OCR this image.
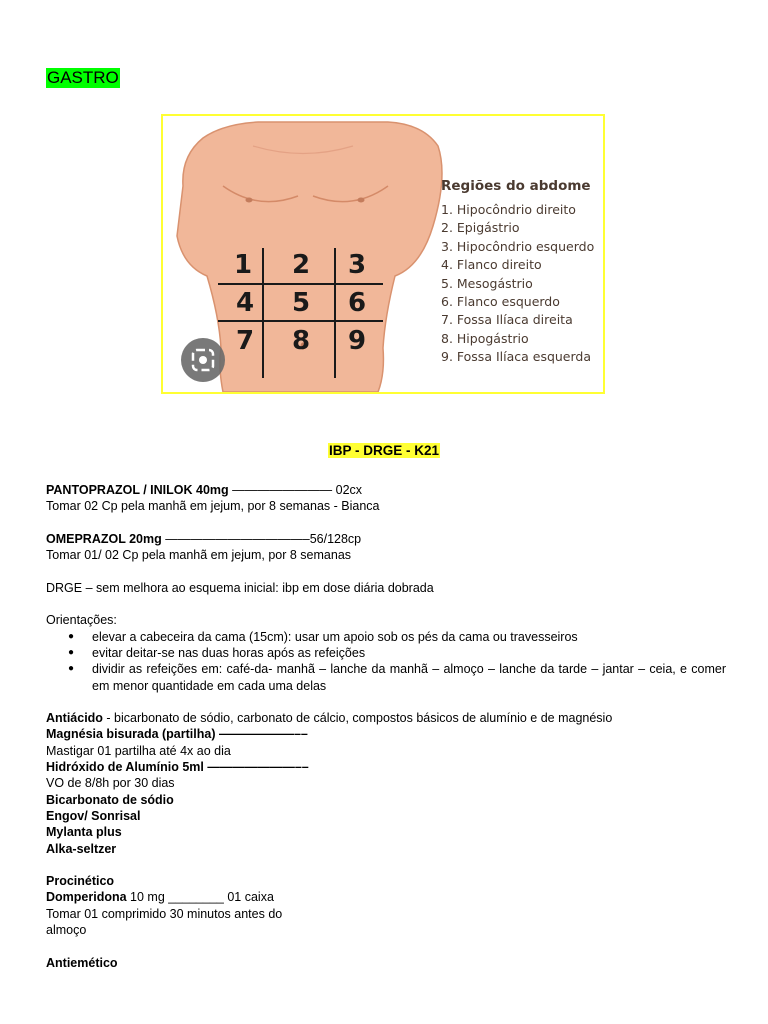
GASTRO
1 2 3
4 5 6
7 8 9
Regiões do abdome
1. Hipocôndrio direito
2. Epigástrio
3. Hipocôndrio esquerdo
4. Flanco direito
5. Mesogástrio
6. Flanco esquerdo
7. Fossa Ilíaca direita
8. Hipogástrio
9. Fossa Ilíaca esquerda
IBP - DRGE - K21
PANTOPRAZOL / INILOK 40mg ———————— 02cx
Tomar 02 Cp pela manhã em jejum, por 8 semanas - Bianca
OMEPRAZOL 20mg ———————————–56/128cp
Tomar 01/ 02 Cp pela manhã em jejum, por 8 semanas
DRGE – sem melhora ao esquema inicial: ibp em dose diária dobrada
Orientações:
● elevar a cabeceira da cama (15cm): usar um apoio sob os pés da cama ou travesseiros
● evitar deitar-se nas duas horas após as refeições
● dividir as refeições em: café-da- manhã – lanche da manhã – almoço – lanche da tarde – jantar – ceia, e comer em menor quantidade em cada uma delas
Antiácido - bicarbonato de sódio, carbonato de cálcio, compostos básicos de alumínio e de magnésio
Magnésia bisurada (partilha) ——————––
Mastigar 01 partilha até 4x ao dia
Hidróxido de Alumínio 5ml ———————––
VO de 8/8h por 30 dias
Bicarbonato de sódio
Engov/ Sonrisal
Mylanta plus
Alka-seltzer
Procinético
Domperidona 10 mg ________ 01 caixa
Tomar 01 comprimido 30 minutos antes do
almoço
Antiemético
